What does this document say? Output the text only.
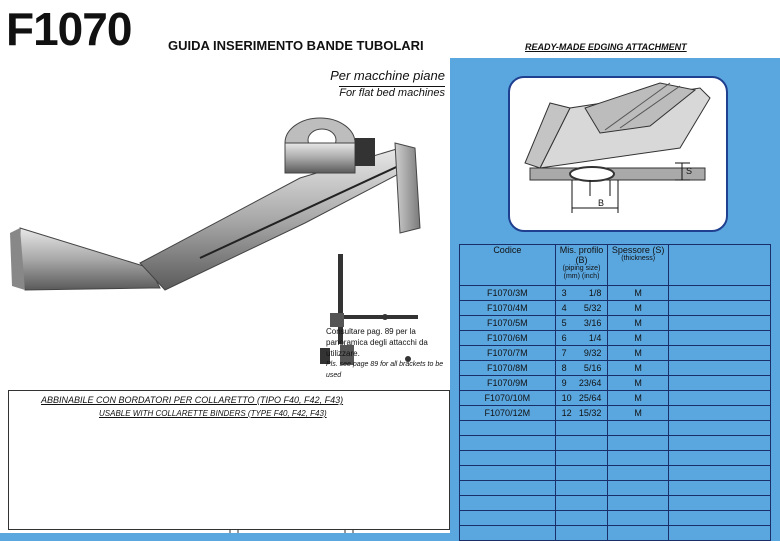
F1070	GUIDA INSERIMENTO BANDE TUBOLARI	READY-MADE EDGING ATTACHMENT
Per macchine piane
For flat bed machines
Consultare pag. 89 per la panoramica degli attacchi da utilizzare.
Pls. see page 89 for all brackets to be used
ABBINABILE CON BORDATORI PER COLLARETTO (TIPO F40, F42, F43)
USABLE WITH COLLARETTE BINDERS (TYPE F40, F42, F43)
B
S
Codice	Mis. profilo (B)
(piping size)
(mm) (inch)	Spessore (S)
(thickness)	

F1070/3M	3 1/8	M	
F1070/4M	4 5/32	M	
F1070/5M	5 3/16	M	
F1070/6M	6 1/4	M	
F1070/7M	7 9/32	M	
F1070/8M	8 5/16	M	
F1070/9M	9 23/64	M	
F1070/10M	10 25/64	M	
F1070/12M	12 15/32	M	
